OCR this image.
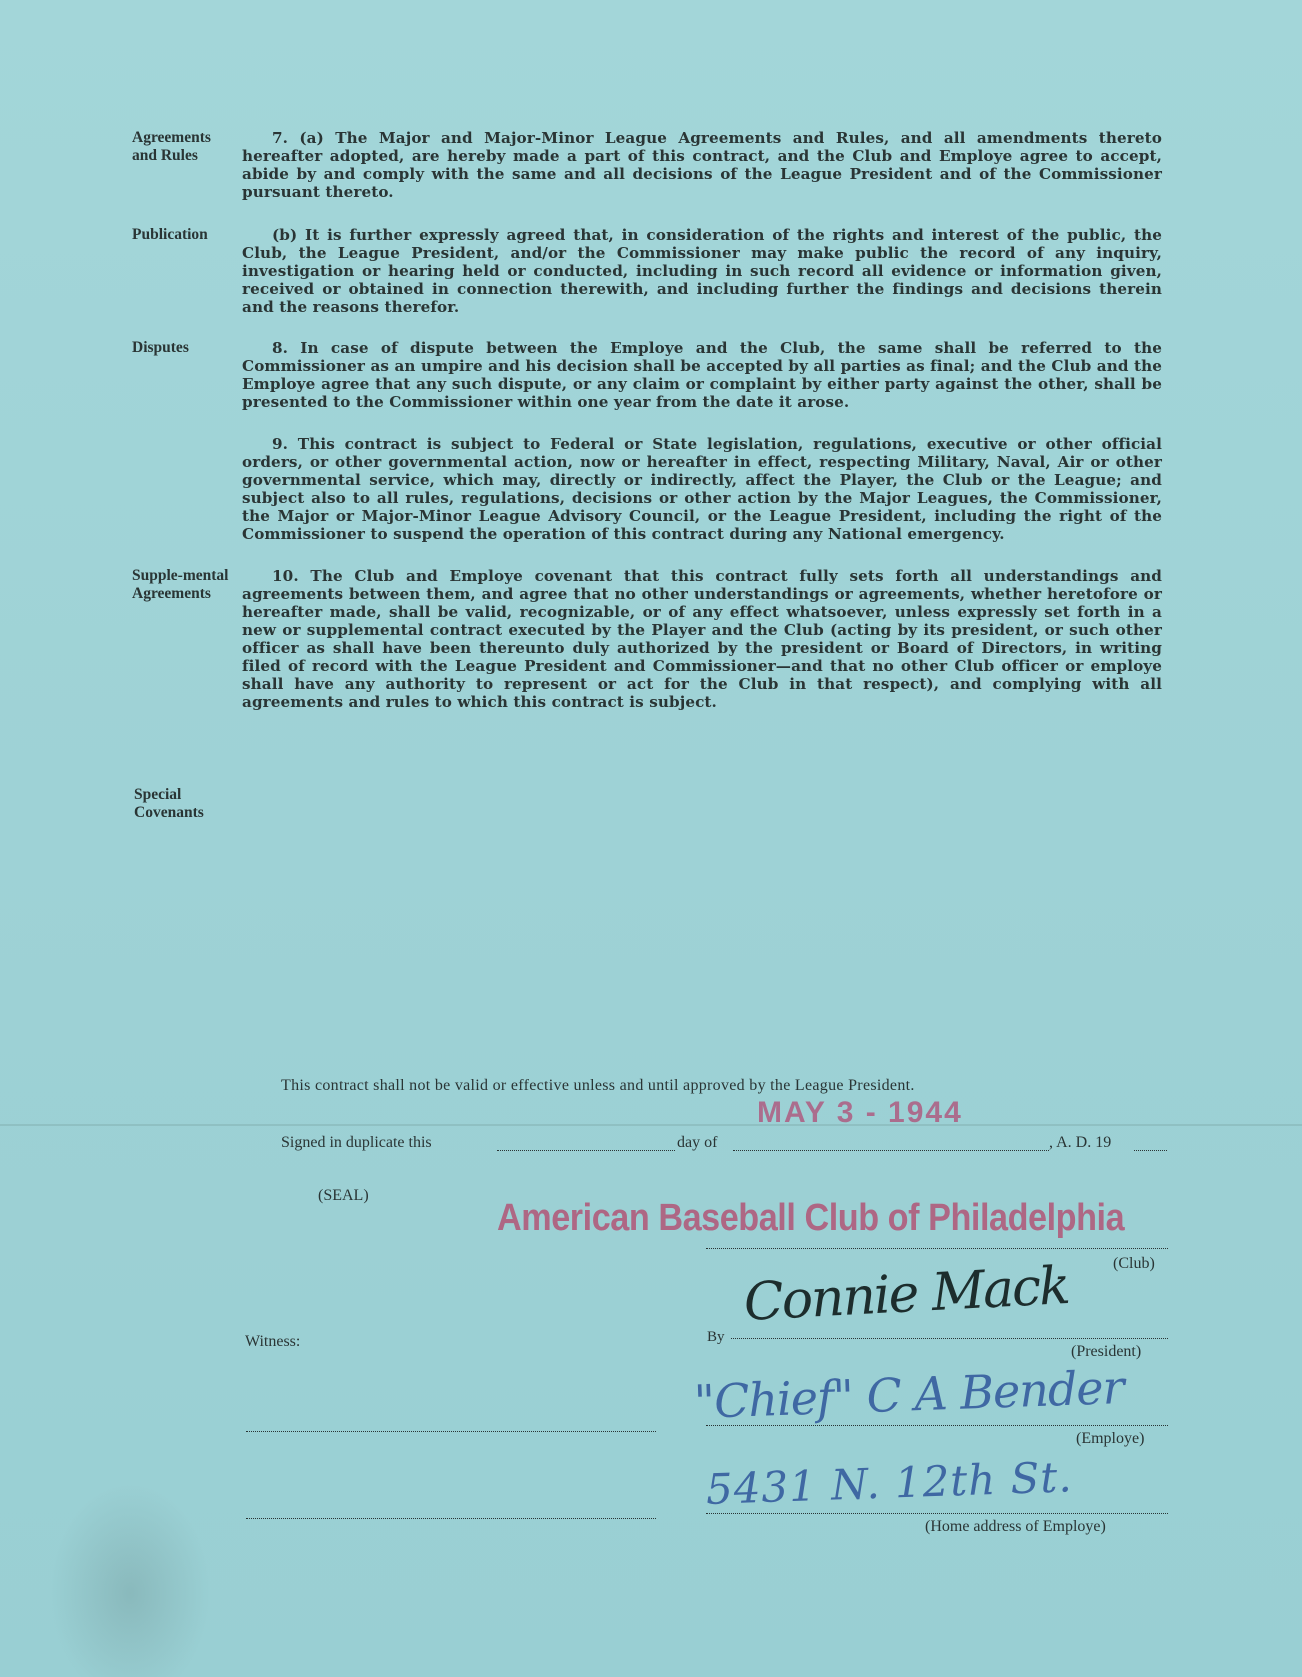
Agreements and Rules
7. (a) The Major and Major-Minor League Agreements and Rules, and all amendments thereto hereafter adopted, are hereby made a part of this contract, and the Club and Employe agree to accept, abide by and comply with the same and all decisions of the League President and of the Commissioner pursuant thereto.
Publication	(b) It is further expressly agreed that, in consideration of the rights and interest of the public, the Club, the League President, and/or the Commissioner may make public the record of any inquiry, investigation or hearing held or conducted, including in such record all evidence or information given, received or obtained in connection therewith, and including further the findings and decisions therein and the reasons therefor.
Disputes	8. In case of dispute between the Employe and the Club, the same shall be referred to the Commissioner as an umpire and his decision shall be accepted by all parties as final; and the Club and the Employe agree that any such dispute, or any claim or complaint by either party against the other, shall be presented to the Commissioner within one year from the date it arose.
9. This contract is subject to Federal or State legislation, regulations, executive or other official orders, or other governmental action, now or hereafter in effect, respecting Military, Naval, Air or other governmental service, which may, directly or indirectly, affect the Player, the Club or the League; and subject also to all rules, regulations, decisions or other action by the Major Leagues, the Commissioner, the Major or Major-Minor League Advisory Council, or the League President, including the right of the Commissioner to suspend the operation of this contract during any National emergency.
Supple-mental Agreements
10. The Club and Employe covenant that this contract fully sets forth all understandings and agreements between them, and agree that no other understandings or agreements, whether heretofore or hereafter made, shall be valid, recognizable, or of any effect whatsoever, unless expressly set forth in a new or supplemental contract executed by the Player and the Club (acting by its president, or such other officer as shall have been thereunto duly authorized by the president or Board of Directors, in writing filed of record with the League President and Commissioner—and that no other Club officer or employe shall have any authority to represent or act for the Club in that respect), and complying with all agreements and rules to which this contract is subject.
Special Covenants
This contract shall not be valid or effective unless and until approved by the League President.
MAY 3 - 1944
Signed in duplicate this	day of	, A. D. 19
(SEAL)
American Baseball Club of Philadelphia
(Club)
Witness:	By
Connie Mack
(President)
"Chief" C A Bender
(Employe)
5431 N. 12th St.
(Home address of Employe)
